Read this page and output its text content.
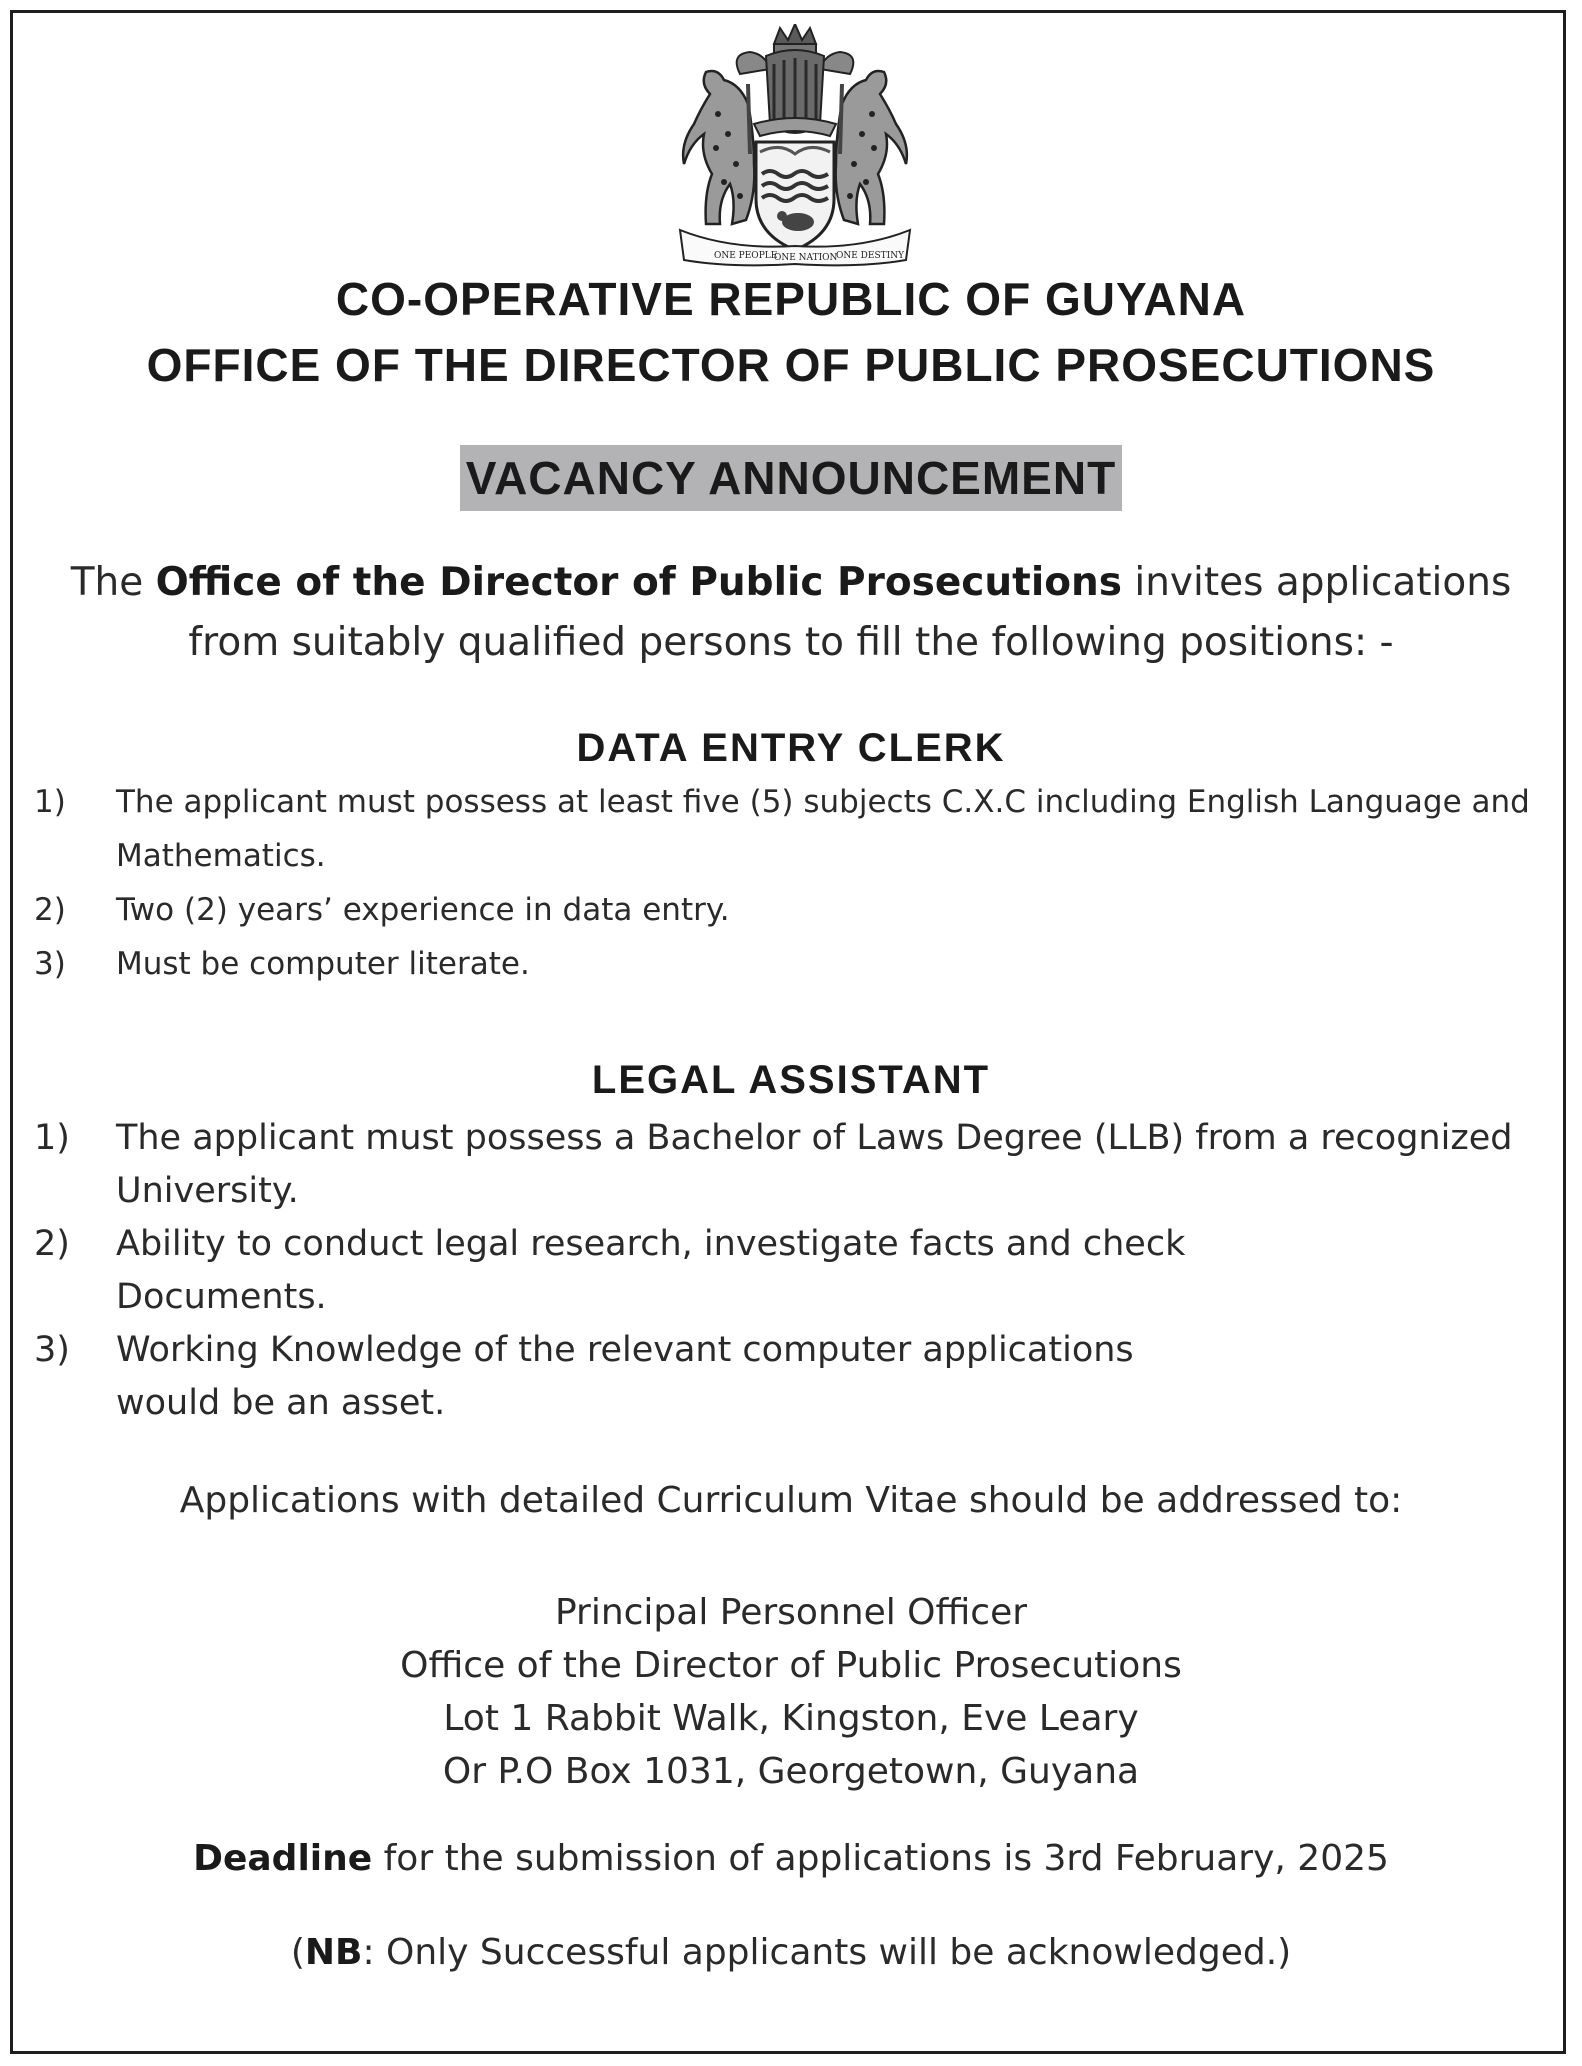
ONE PEOPLE
ONE NATION
ONE DESTINY
CO-OPERATIVE REPUBLIC OF GUYANA
OFFICE OF THE DIRECTOR OF PUBLIC PROSECUTIONS
VACANCY ANNOUNCEMENT

The Office of the Director of Public Prosecutions invites applications from suitably qualified persons to fill the following positions: -

DATA ENTRY CLERK
1) The applicant must possess at least five (5) subjects C.X.C including English Language and Mathematics.
2) Two (2) years’ experience in data entry.
3) Must be computer literate.
LEGAL ASSISTANT
1) The applicant must possess a Bachelor of Laws Degree (LLB) from a recognized University.
2) Ability to conduct legal research, investigate facts and check Documents.
3) Working Knowledge of the relevant computer applications would be an asset.

Applications with detailed Curriculum Vitae should be addressed to:

Principal Personnel Officer
Office of the Director of Public Prosecutions
Lot 1 Rabbit Walk, Kingston, Eve Leary
Or P.O Box 1031, Georgetown, Guyana

Deadline for the submission of applications is 3rd February, 2025

(NB: Only Successful applicants will be acknowledged.)
